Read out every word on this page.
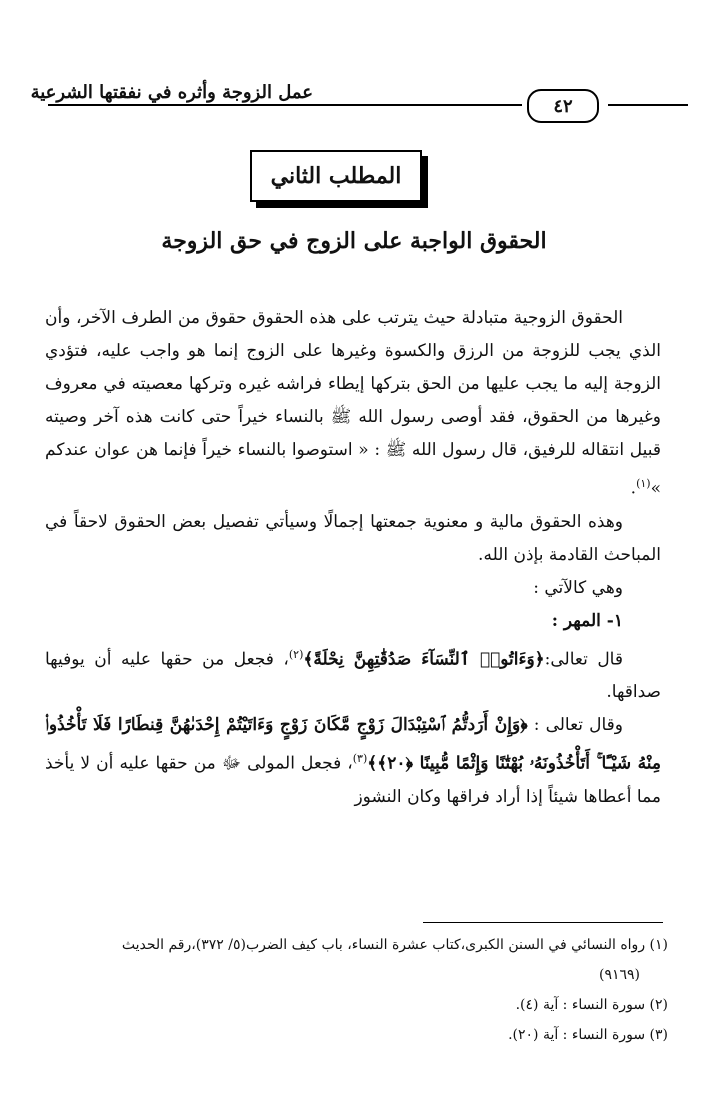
عمل الزوجة وأثره في نفقتها الشرعية
٤٢
المطلب الثاني
الحقوق الواجبة على الزوج في حق الزوجة

الحقوق الزوجية متبادلة حيث يترتب على هذه الحقوق حقوق من الطرف الآخر، وأن الذي يجب للزوجة من الرزق والكسوة وغيرها على الزوج إنما هو واجب عليه، فتؤدي الزوجة إليه ما يجب عليها من الحق بتركها إيطاء فراشه غيره وتركها معصيته في معروف وغيرها من الحقوق، فقد أوصى رسول الله ﷺ بالنساء خيراً حتى كانت هذه آخر وصيته قبيل انتقاله للرفيق، قال رسول الله ﷺ : « استوصوا بالنساء خيراً فإنما هن عوان عندكم »$^{(١)}$.

وهذه الحقوق مالية و معنوية جمعتها إجمالًا وسيأتي تفصيل بعض الحقوق لاحقاً في المباحث القادمة بإذن الله.

وهي كالآتي :

١- المهر :

قال تعالى:﴿وَءَاتُوا۟ ٱلنِّسَآءَ صَدُقَٰتِهِنَّ نِحْلَةً﴾$^{(٢)}$، فجعل من حقها عليه أن يوفيها صداقها.

وقال تعالى : ﴿وَإِنْ أَرَدتُّمُ ٱسْتِبْدَالَ زَوْجٍ مَّكَانَ زَوْجٍ وَءَاتَيْتُمْ إِحْدَىٰهُنَّ قِنطَارًا فَلَا تَأْخُذُوا۟ مِنْهُ شَيْـًٔا ۚ أَتَأْخُذُونَهُۥ بُهْتَٰنًا وَإِثْمًا مُّبِينًا ﴿٢٠﴾﴾$^{(٣)}$، فجعل المولى ﷻ من حقها عليه أن لا يأخذ مما أعطاها شيئاً إذا أراد فراقها وكان النشوز

(١) رواه النسائي في السنن الكبرى،كتاب عشرة النساء، باب كيف الضرب(٥/ ٣٧٢)،رقم الحديث

(٩١٦٩)

(٢) سورة النساء : آية (٤).

(٣) سورة النساء : آية (٢٠).
